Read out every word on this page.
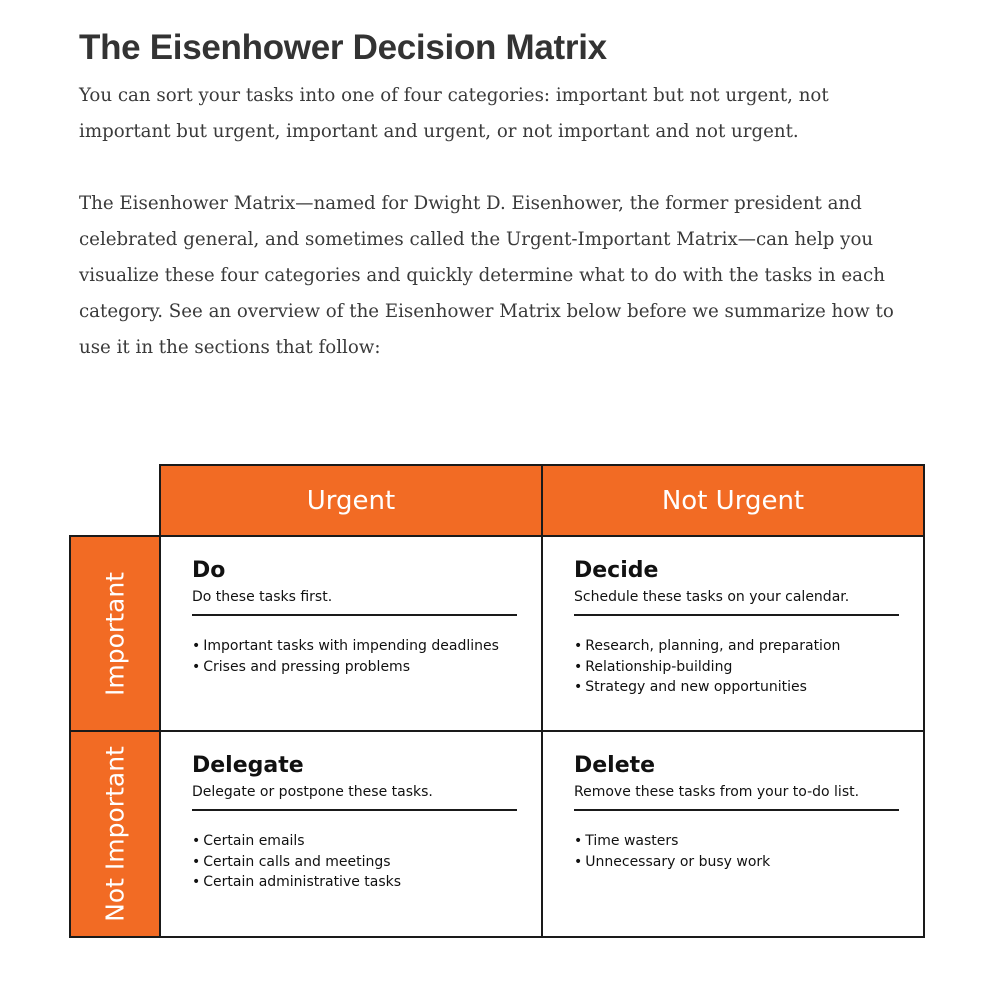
The Eisenhower Decision Matrix

You can sort your tasks into one of four categories: important but not urgent, not important but urgent, important and urgent, or not important and not urgent.

The Eisenhower Matrix—named for Dwight D. Eisenhower, the former president and celebrated general, and sometimes called the Urgent-Important Matrix—can help you visualize these four categories and quickly determine what to do with the tasks in each category. See an overview of the Eisenhower Matrix below before we summarize how to use it in the sections that follow:

Urgent	Not Urgent
Important
Not Important
Do

Do these tasks first.

• Important tasks with impending deadlines
• Crises and pressing problems
Decide

Schedule these tasks on your calendar.

• Research, planning, and preparation
• Relationship-building
• Strategy and new opportunities
Delegate

Delegate or postpone these tasks.

• Certain emails
• Certain calls and meetings
• Certain administrative tasks
Delete

Remove these tasks from your to-do list.

• Time wasters
• Unnecessary or busy work
